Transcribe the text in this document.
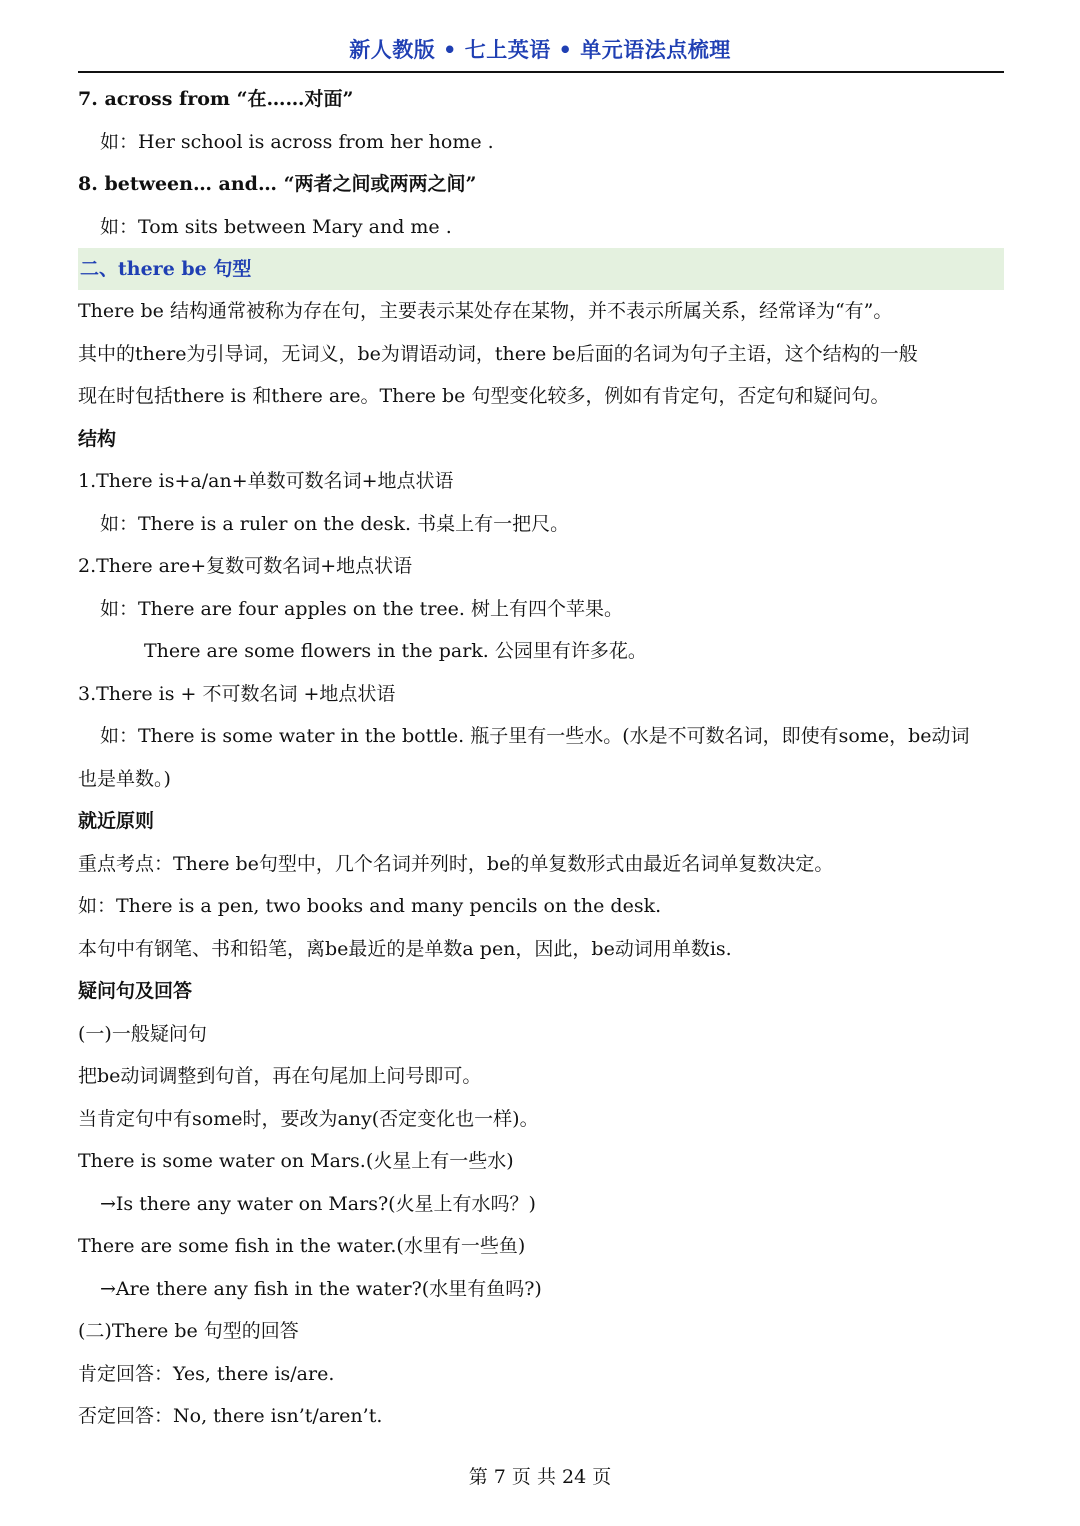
新人教版 • 七上英语 • 单元语法点梳理
7. across from “在……对面”
如：Her school is across from her home .
8. between… and… “两者之间或两两之间”
如：Tom sits between Mary and me .
二、there be 句型
There be 结构通常被称为存在句，主要表示某处存在某物，并不表示所属关系，经常译为“有”。
其中的there为引导词，无词义，be为谓语动词，there be后面的名词为句子主语，这个结构的一般
现在时包括there is 和there are。There be 句型变化较多，例如有肯定句，否定句和疑问句。
结构
1.There is+a/an+单数可数名词+地点状语
如：There is a ruler on the desk. 书桌上有一把尺。
2.There are+复数可数名词+地点状语
如：There are four apples on the tree. 树上有四个苹果。
There are some flowers in the park. 公园里有许多花。
3.There is + 不可数名词 +地点状语
如：There is some water in the bottle. 瓶子里有一些水。(水是不可数名词，即使有some，be动词
也是单数。)
就近原则
重点考点：There be句型中，几个名词并列时，be的单复数形式由最近名词单复数决定。
如：There is a pen, two books and many pencils on the desk.
本句中有钢笔、书和铅笔，离be最近的是单数a pen，因此，be动词用单数is.
疑问句及回答
(一)一般疑问句
把be动词调整到句首，再在句尾加上问号即可。
当肯定句中有some时，要改为any(否定变化也一样)。
There is some water on Mars.(火星上有一些水)
→Is there any water on Mars?(火星上有水吗？)
There are some fish in the water.(水里有一些鱼)
→Are there any fish in the water?(水里有鱼吗?)
(二)There be 句型的回答
肯定回答：Yes, there is/are.
否定回答：No, there isn’t/aren’t.
第 7 页 共 24 页
